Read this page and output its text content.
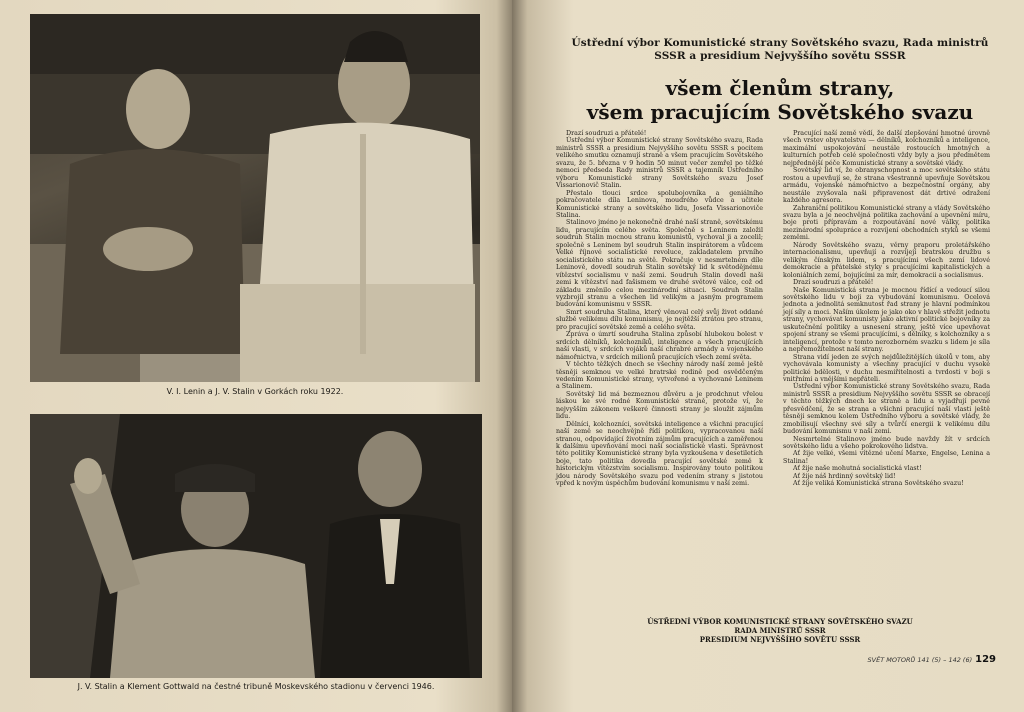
V. I. Lenin a J. V. Stalin v Gorkách roku 1922.
J. V. Stalin a Klement Gottwald na čestné tribuně Moskevského stadionu v červenci 1946.
Ústřední výbor Komunistické strany Sovětského svazu, Rada ministrů SSSR a presidium Nejvyššího sovětu SSSR
všem členům strany,
všem pracujícím Sovětského svazu

Drazí soudruzi a přátelé!

Ústřední výbor Komunistické strany Sovětského svazu, Rada ministrů SSSR a presidium Nejvyššího sovětu SSSR s pocitem velikého smutku oznamují straně a všem pracujícím Sovětského svazu, že 5. března v 9 hodin 50 minut večer zemřel po těžké nemoci předseda Rady ministrů SSSR a tajemník Ústředního výboru Komunistické strany Sovětského svazu Josef Vissarionovič Stalin.

Přestalo tlouci srdce spolubojovníka a geniálního pokračovatele díla Leninova, moudrého vůdce a učitele Komunistické strany a sovětského lidu, Josefa Vissarionoviče Stalina.

Stalinovo jméno je nekonečně drahé naší straně, sovětskému lidu, pracujícím celého světa. Společně s Leninem založil soudruh Stalin mocnou stranu komunistů, vychoval ji a zocelil; společně s Leninem byl soudruh Stalin inspirátorem a vůdcem Velké říjnové socialistické revoluce, zakladatelem prvního socialistického státu na světě. Pokračuje v nesmrtelném díle Leninově, dovedl soudruh Stalin sovětský lid k světodějnému vítězství socialismu v naší zemi. Soudruh Stalin dovedl naši zemi k vítězství nad fašismem ve druhé světové válce, což od základu změnilo celou mezinárodní situaci. Soudruh Stalin vyzbrojil stranu a všechen lid velikým a jasným programem budování komunismu v SSSR.

Smrt soudruha Stalina, který věnoval celý svůj život oddané službě velikému dílu komunismu, je nejtěžší ztrátou pro stranu, pro pracující sovětské země a celého světa.

Zpráva o úmrtí soudruha Stalina způsobí hlubokou bolest v srdcích dělníků, kolchozníků, inteligence a všech pracujících naší vlasti, v srdcích vojáků naší chrabré armády a vojenského námořnictva, v srdcích milionů pracujících všech zemí světa.

V těchto těžkých dnech se všechny národy naší země ještě těsněji semknou ve velké bratrské rodině pod osvědčeným vedením Komunistické strany, vytvořené a vychované Leninem a Stalinem.

Sovětský lid má bezmeznou důvěru a je prodchnut vřelou láskou ke své rodné Komunistické straně, protože ví, že nejvyšším zákonem veškeré činnosti strany je sloužit zájmům lidu.

Dělníci, kolchozníci, sovětská inteligence a všichni pracující naší země se neochvějně řídí politikou, vypracovanou naší stranou, odpovídající životním zájmům pracujících a zaměřenou k dalšímu upevňování moci naší socialistické vlasti. Správnost této politiky Komunistické strany byla vyzkoušena v desetiletích boje, tato politika dovedla pracující sovětské země k historickým vítězstvím socialismu. Inspirovány touto politikou jdou národy Sovětského svazu pod vedením strany s jistotou vpřed k novým úspěchům budování komunismu v naší zemi.

Pracující naší země vědí, že další zlepšování hmotné úrovně všech vrstev obyvatelstva — dělníků, kolchozníků a inteligence, maximální uspokojování neustále rostoucích hmotných a kulturních potřeb celé společnosti vždy byly a jsou předmětem nejpřednější péče Komunistické strany a sovětské vlády.

Sovětský lid ví, že obranyschopnost a moc sovětského státu rostou a upevňují se, že strana všestranně upevňuje Sovětskou armádu, vojenské námořnictvo a bezpečnostní orgány, aby neustále zvyšovala naši připravenost dát drtivé odražení každého agresora.

Zahraniční politikou Komunistické strany a vlády Sovětského svazu byla a je neochvějná politika zachování a upevnění míru, boje proti přípravám a rozpoutávání nové války, politika mezinárodní spolupráce a rozvíjení obchodních styků se všemi zeměmi.

Národy Sovětského svazu, věrny praporu proletářského internacionalismu, upevňují a rozvíjejí bratrskou družbu s velikým čínským lidem, s pracujícími všech zemí lidové demokracie a přátelské styky s pracujícími kapitalistických a koloniálních zemí, bojujícími za mír, demokracii a socialismus.

Drazí soudruzi a přátelé!

Naše Komunistická strana je mocnou řídící a vedoucí silou sovětského lidu v boji za vybudování komunismu. Ocelová jednota a jednolitá semknutost řad strany je hlavní podmínkou její síly a moci. Naším úkolem je jako oko v hlavě střežit jednotu strany, vychovávat komunisty jako aktivní politické bojovníky za uskutečnění politiky a usnesení strany, ještě více upevňovat spojení strany se všemi pracujícími, s dělníky, s kolchozníky a s inteligencí, protože v tomto nerozborném svazku s lidem je síla a nepřemožitelnost naší strany.

Strana vidí jeden ze svých nejdůležitějších úkolů v tom, aby vychovávala komunisty a všechny pracující v duchu vysoké politické bdělosti, v duchu nesmiřitelnosti a tvrdosti v boji s vnitřními a vnějšími nepřáteli.

Ústřední výbor Komunistické strany Sovětského svazu, Rada ministrů SSSR a presidium Nejvyššího sovětu SSSR se obracejí v těchto těžkých dnech ke straně a lidu a vyjadřují pevné přesvědčení, že se strana a všichni pracující naší vlasti ještě těsněji semknou kolem Ústředního výboru a sovětské vlády, že zmobilisují všechny své síly a tvůrčí energii k velikému dílu budování komunismu v naší zemi.

Nesmrtelné Stalinovo jméno bude navždy žít v srdcích sovětského lidu a všeho pokrokového lidstva.

Ať žije velké, všemi vítězné učení Marxe, Engelse, Lenina a Stalina!

Ať žije naše mohutná socialistická vlast!

Ať žije náš hrdinný sovětský lid!

Ať žije veliká Komunistická strana Sovětského svazu!

ÚSTŘEDNÍ VÝBOR KOMUNISTICKÉ STRANY SOVĚTSKÉHO SVAZU
RADA MINISTRŮ SSSR
PRESIDIUM NEJVYŠŠÍHO SOVĚTU SSSR
SVĚT MOTORŮ 141 (5) – 142 (6) 129
